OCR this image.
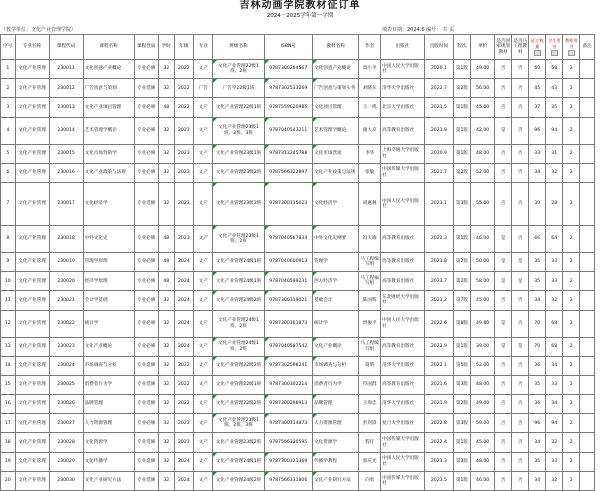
吉林动画学院教材征订单
2024－2025学年第一学期
（教学单位：文化产业管理学院）	填表日期：2024.6 编号： 共 页
序号	专业名称	课程代码	课程名称	课程性质	学时	年级	专业	班级名称	ISBN号	教材名称	作者	出版社	出版时间	版次	单价	是否国家规划教材	是否马工程教材	征订数量	学生用书	教师用书	备注
1	文化产业管理	230011	文化创意产业概论	专业必修	32	2022	文产	文化产业管理22级1班、2班	9787300264567	文化创意产业概论	周小平	中国人民大学出版社	2020.1	第1版	49.00	否	否	60	58	2	
2	文化产业管理	230012	广告创意与策划	专业选修	32	2022	广告	广告学22级1班	9787302533269	广告创意与策划实务	刘晓东	清华大学出版社	2022.7	第2版	56.00	否	否	45	43	2	
3	文化产业管理	230013	文化产业项目管理	专业必修	48	2022	文产	文化产业管理22级1班	9787559620985	文化项目管理	王一鸣	北京大学出版社	2021.5	第1版	45.00	否	否	37	35	2	
4	文化产业管理	230014	艺术管理学概论	专业必修	32	2023	文产	文化产业管理23级1班、2班、3班	9787040543211	艺术管理学概论	谢大京	高等教育出版社	2021.8	第1版	42.00	是	否	96	94	2	
5	文化产业管理	230015	文化市场营销学	专业必修	32	2023	文产	文化产业管理23级1班	9787313245788	文化市场营销	李华	上海交通大学出版社	2020.9	第1版	48.00	否	否	33	31	2	
6	文化产业管理	230016	文化产业政策与法规	专业必修	32	2023	文产	文化产业管理23级2班	9787566322897	文化产业政策与法规	张敏	中国传媒大学出版社	2021.7	第2版	52.00	否	否	34	32	2	
7	文化产业管理	230017	文化经济学	专业选修	32	2023	文产	文化产业管理23级3班	9787300315023	文化经济学	胡惠林	中国人民大学出版社	2023.1	第3版	55.00	否	否	30	28	2	
8	文化产业管理	230018	中外文化史	专业必修	48	2023	文产	文化产业管理23级1班、2班	9787040567834	中外文化史纲要	冯天瑜	高等教育出版社	2022.3	第1版	46.00	是	否	66	64	2	
9	文化产业管理	230019	管理学原理	专业必修	48	2024	文产	文化产业管理24级1班	9787040600913	管理学	马工程编写组	高等教育出版社	2023.8	第2版	50.00	是	是	35	33	2	
10	文化产业管理	230020	经济学原理	专业必修	48	2024	文产	文化产业管理24级1班	9787040599231	西方经济学	马工程编写组	高等教育出版社	2023.7	第2版	58.00	是	是	35	33	2	
11	文化产业管理	230021	会计学基础	专业必修	32	2024	文产	文化产业管理24级2班	9787300319021	基础会计	陈国辉	东北财经大学出版社	2023.2	第7版	45.00	否	否	34	32	2	
12	文化产业管理	230022	统计学	专业必修	32	2024	文产	文化产业管理24级1班、2班	9787300301873	统计学	贾俊平	中国人民大学出版社	2022.6	第8版	49.80	是	否	70	68	2	
13	文化产业管理	230023	文化产业概论	专业必修	32	2024	文产	文化产业管理24级1班、2班	9787040587542	文化产业概论	马工程编写组	高等教育出版社	2022.9	第1版	39.00	是	是	70	68	2	
14	文化产业管理	230024	市场调查与分析	专业选修	32	2022	文产	文化产业管理22级2班	9787302598241	市场调查与分析	简明	清华大学出版社	2022.1	第5版	52.00	否	否	36	34	2	
15	文化产业管理	230025	消费者行为学	专业选修	32	2022	文产	文化产业管理22级1班	9787300302214	消费者行为学	符国群	高等教育出版社	2021.6	第3版	48.00	否	否	35	33	2	
16	文化产业管理	230026	品牌管理	专业选修	32	2022	文产	文化产业管理22级2班	9787300298913	品牌管理	王海忠	清华大学出版社	2021.9	第2版	49.00	否	否	36	34	2	
17	文化产业管理	230027	人力资源管理	专业必修	32	2023	文产	文化产业管理23级1班、2班、3班	9787300314873	人力资源管理	彭剑锋	复旦大学出版社	2022.8	第3版	59.00	否	否	96	94	2	
18	文化产业管理	230028	文化资源学	专业选修	32	2023	文产	文化产业管理23级2班	9787566330595	文化资源学	程圩	中国传媒大学出版社	2022.4	第1版	45.00	否	否	34	32	2	
19	文化产业管理	230029	文化传播学	专业选修	32	2024	文产	文化产业管理24级1班	9787300321369	传播学教程	郭庆光	中国人民大学出版社	2023.3	第3版	48.00	否	否	35	33	2	
20	文化产业管理	230030	文化产业研究方法	专业选修	32	2024	文产	文化产业管理24级2班	9787566331806	文化产业研究方法	向勇	中国传媒大学出版社	2023.5	第1版	46.00	否	否	34	32	2	
